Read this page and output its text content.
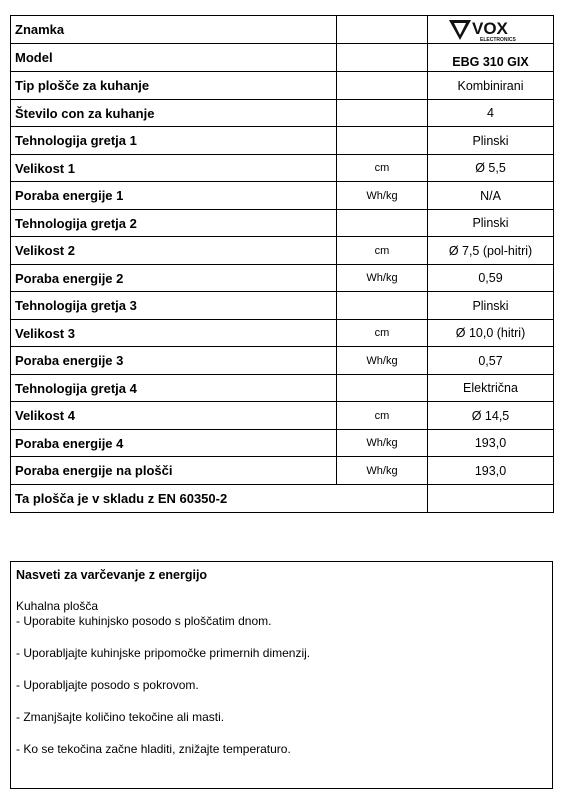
Znamka		VOX
ELECTRONICS

Model		EBG 310 GIX
Tip plošče za kuhanje		Kombinirani
Število con za kuhanje		4
Tehnologija gretja 1		Plinski
Velikost 1	cm	Ø 5,5
Poraba energije 1	Wh/kg	N/A
Tehnologija gretja 2		Plinski
Velikost 2	cm	Ø 7,5 (pol-hitri)
Poraba energije 2	Wh/kg	0,59
Tehnologija gretja 3		Plinski
Velikost 3	cm	Ø 10,0 (hitri)
Poraba energije 3	Wh/kg	0,57
Tehnologija gretja 4		Električna
Velikost 4	cm	Ø 14,5
Poraba energije 4	Wh/kg	193,0
Poraba energije na plošči	Wh/kg	193,0
Ta plošča je v skladu z EN 60350-2		
Nasveti za varčevanje z energijo
Kuhalna plošča
- Uporabite kuhinjsko posodo s ploščatim dnom.
- Uporabljajte kuhinjske pripomočke primernih dimenzij.
- Uporabljajte posodo s pokrovom.
- Zmanjšajte količino tekočine ali masti.
- Ko se tekočina začne hladiti, znižajte temperaturo.
